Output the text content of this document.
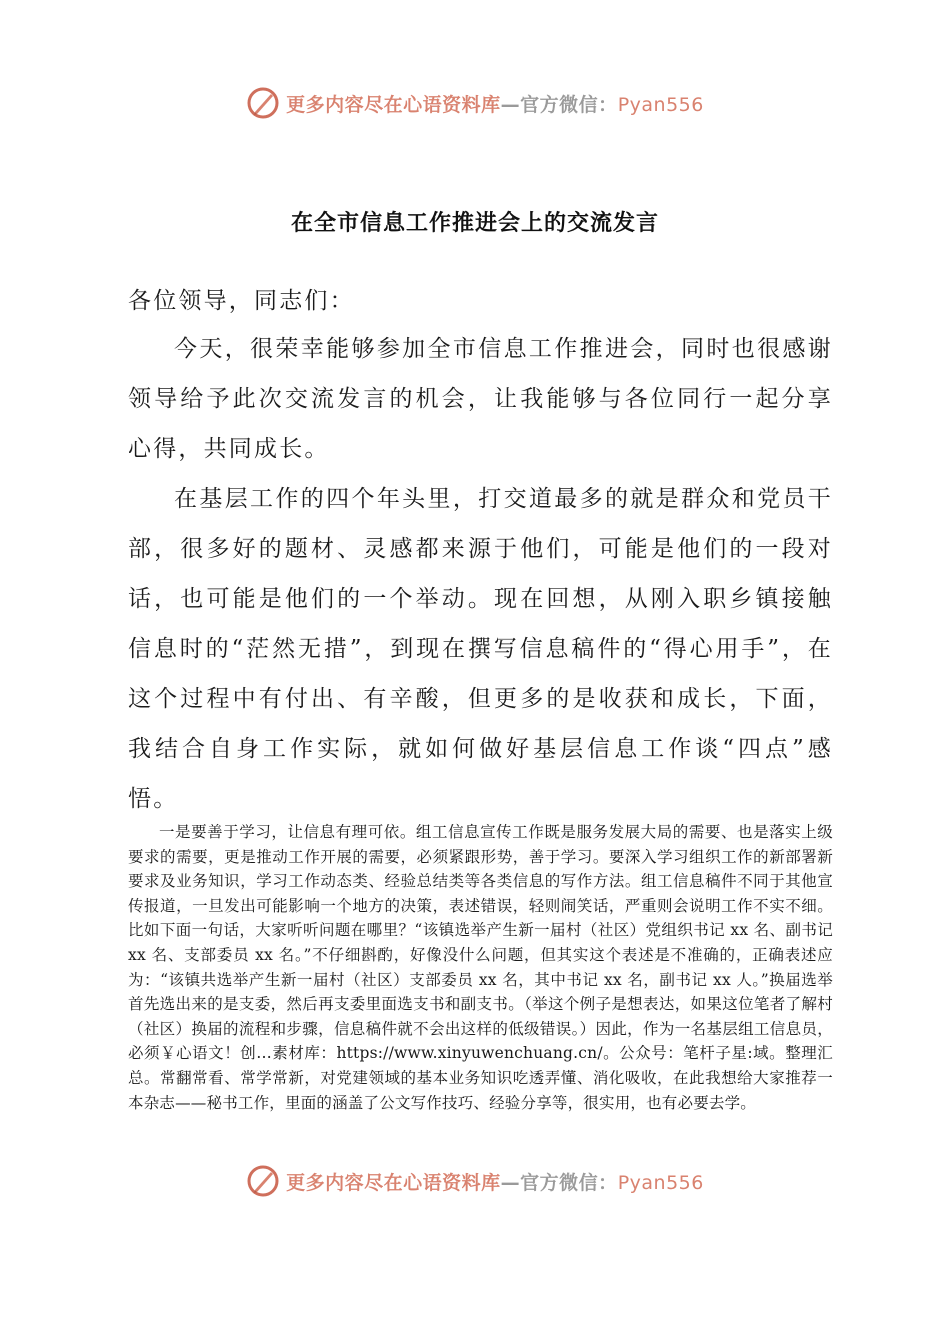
更多内容尽在心语资料库—官方微信：Pyan556
在全市信息工作推进会上的交流发言
各位领导，同志们：
今天，很荣幸能够参加全市信息工作推进会，同时也很感谢领导给予此次交流发言的机会，让我能够与各位同行一起分享心得，共同成长。
在基层工作的四个年头里，打交道最多的就是群众和党员干部，很多好的题材、灵感都来源于他们，可能是他们的一段对话，也可能是他们的一个举动。现在回想，从刚入职乡镇接触信息时的“茫然无措”，到现在撰写信息稿件的“得心用手”，在这个过程中有付出、有辛酸，但更多的是收获和成长，下面，我结合自身工作实际，就如何做好基层信息工作谈“四点”感悟。
一是要善于学习，让信息有理可依。组工信息宣传工作既是服务发展大局的需要、也是落实上级要求的需要，更是推动工作开展的需要，必须紧跟形势，善于学习。要深入学习组织工作的新部署新要求及业务知识，学习工作动态类、经验总结类等各类信息的写作方法。组工信息稿件不同于其他宣传报道，一旦发出可能影响一个地方的决策，表述错误，轻则闹笑话，严重则会说明工作不实不细。比如下面一句话，大家听听问题在哪里？“该镇选举产生新一届村（社区）党组织书记 xx 名、副书记 xx 名、支部委员 xx 名。”不仔细斟酌，好像没什么问题，但其实这个表述是不准确的，正确表述应为：“该镇共选举产生新一届村（社区）支部委员 xx 名，其中书记 xx 名，副书记 xx 人。”换届选举首先选出来的是支委，然后再支委里面选支书和副支书。（举这个例子是想表达，如果这位笔者了解村（社区）换届的流程和步骤，信息稿件就不会出这样的低级错误。）因此，作为一名基层组工信息员，必须￥心语文！创…素材库：https://www.xinyuwenchuang.cn/。公众号：笔杆子星:域。整理汇总。常翻常看、常学常新，对党建领域的基本业务知识吃透弄懂、消化吸收，在此我想给大家推荐一本杂志——秘书工作，里面的涵盖了公文写作技巧、经验分享等，很实用，也有必要去学。
更多内容尽在心语资料库—官方微信：Pyan556
